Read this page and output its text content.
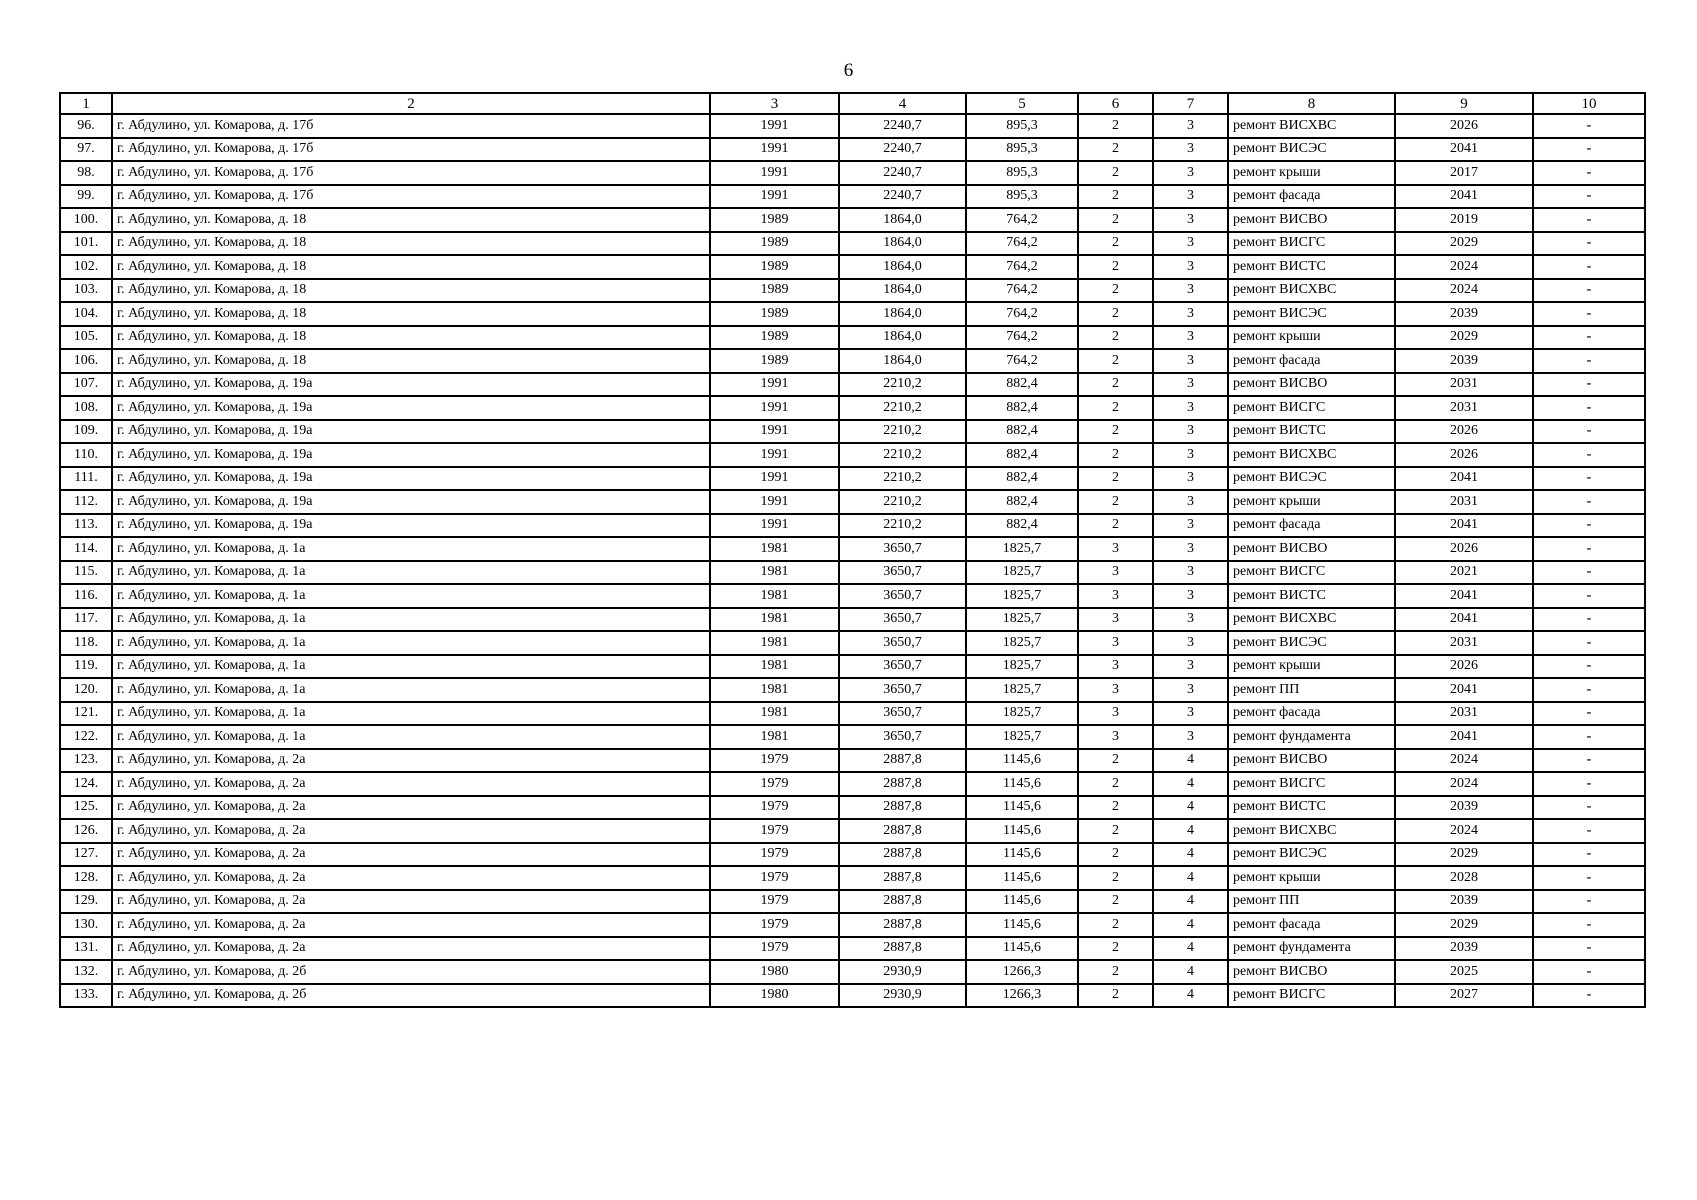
6
1	2	3	4	5	6	7	8	9	10
96.	г. Абдулино, ул. Комарова, д. 17б	1991	2240,7	895,3	2	3	ремонт ВИСХВС	2026	-
97.	г. Абдулино, ул. Комарова, д. 17б	1991	2240,7	895,3	2	3	ремонт ВИСЭС	2041	-
98.	г. Абдулино, ул. Комарова, д. 17б	1991	2240,7	895,3	2	3	ремонт крыши	2017	-
99.	г. Абдулино, ул. Комарова, д. 17б	1991	2240,7	895,3	2	3	ремонт фасада	2041	-
100.	г. Абдулино, ул. Комарова, д. 18	1989	1864,0	764,2	2	3	ремонт ВИСВО	2019	-
101.	г. Абдулино, ул. Комарова, д. 18	1989	1864,0	764,2	2	3	ремонт ВИСГС	2029	-
102.	г. Абдулино, ул. Комарова, д. 18	1989	1864,0	764,2	2	3	ремонт ВИСТС	2024	-
103.	г. Абдулино, ул. Комарова, д. 18	1989	1864,0	764,2	2	3	ремонт ВИСХВС	2024	-
104.	г. Абдулино, ул. Комарова, д. 18	1989	1864,0	764,2	2	3	ремонт ВИСЭС	2039	-
105.	г. Абдулино, ул. Комарова, д. 18	1989	1864,0	764,2	2	3	ремонт крыши	2029	-
106.	г. Абдулино, ул. Комарова, д. 18	1989	1864,0	764,2	2	3	ремонт фасада	2039	-
107.	г. Абдулино, ул. Комарова, д. 19а	1991	2210,2	882,4	2	3	ремонт ВИСВО	2031	-
108.	г. Абдулино, ул. Комарова, д. 19а	1991	2210,2	882,4	2	3	ремонт ВИСГС	2031	-
109.	г. Абдулино, ул. Комарова, д. 19а	1991	2210,2	882,4	2	3	ремонт ВИСТС	2026	-
110.	г. Абдулино, ул. Комарова, д. 19а	1991	2210,2	882,4	2	3	ремонт ВИСХВС	2026	-
111.	г. Абдулино, ул. Комарова, д. 19а	1991	2210,2	882,4	2	3	ремонт ВИСЭС	2041	-
112.	г. Абдулино, ул. Комарова, д. 19а	1991	2210,2	882,4	2	3	ремонт крыши	2031	-
113.	г. Абдулино, ул. Комарова, д. 19а	1991	2210,2	882,4	2	3	ремонт фасада	2041	-
114.	г. Абдулино, ул. Комарова, д. 1а	1981	3650,7	1825,7	3	3	ремонт ВИСВО	2026	-
115.	г. Абдулино, ул. Комарова, д. 1а	1981	3650,7	1825,7	3	3	ремонт ВИСГС	2021	-
116.	г. Абдулино, ул. Комарова, д. 1а	1981	3650,7	1825,7	3	3	ремонт ВИСТС	2041	-
117.	г. Абдулино, ул. Комарова, д. 1а	1981	3650,7	1825,7	3	3	ремонт ВИСХВС	2041	-
118.	г. Абдулино, ул. Комарова, д. 1а	1981	3650,7	1825,7	3	3	ремонт ВИСЭС	2031	-
119.	г. Абдулино, ул. Комарова, д. 1а	1981	3650,7	1825,7	3	3	ремонт крыши	2026	-
120.	г. Абдулино, ул. Комарова, д. 1а	1981	3650,7	1825,7	3	3	ремонт ПП	2041	-
121.	г. Абдулино, ул. Комарова, д. 1а	1981	3650,7	1825,7	3	3	ремонт фасада	2031	-
122.	г. Абдулино, ул. Комарова, д. 1а	1981	3650,7	1825,7	3	3	ремонт фундамента	2041	-
123.	г. Абдулино, ул. Комарова, д. 2а	1979	2887,8	1145,6	2	4	ремонт ВИСВО	2024	-
124.	г. Абдулино, ул. Комарова, д. 2а	1979	2887,8	1145,6	2	4	ремонт ВИСГС	2024	-
125.	г. Абдулино, ул. Комарова, д. 2а	1979	2887,8	1145,6	2	4	ремонт ВИСТС	2039	-
126.	г. Абдулино, ул. Комарова, д. 2а	1979	2887,8	1145,6	2	4	ремонт ВИСХВС	2024	-
127.	г. Абдулино, ул. Комарова, д. 2а	1979	2887,8	1145,6	2	4	ремонт ВИСЭС	2029	-
128.	г. Абдулино, ул. Комарова, д. 2а	1979	2887,8	1145,6	2	4	ремонт крыши	2028	-
129.	г. Абдулино, ул. Комарова, д. 2а	1979	2887,8	1145,6	2	4	ремонт ПП	2039	-
130.	г. Абдулино, ул. Комарова, д. 2а	1979	2887,8	1145,6	2	4	ремонт фасада	2029	-
131.	г. Абдулино, ул. Комарова, д. 2а	1979	2887,8	1145,6	2	4	ремонт фундамента	2039	-
132.	г. Абдулино, ул. Комарова, д. 2б	1980	2930,9	1266,3	2	4	ремонт ВИСВО	2025	-
133.	г. Абдулино, ул. Комарова, д. 2б	1980	2930,9	1266,3	2	4	ремонт ВИСГС	2027	-
